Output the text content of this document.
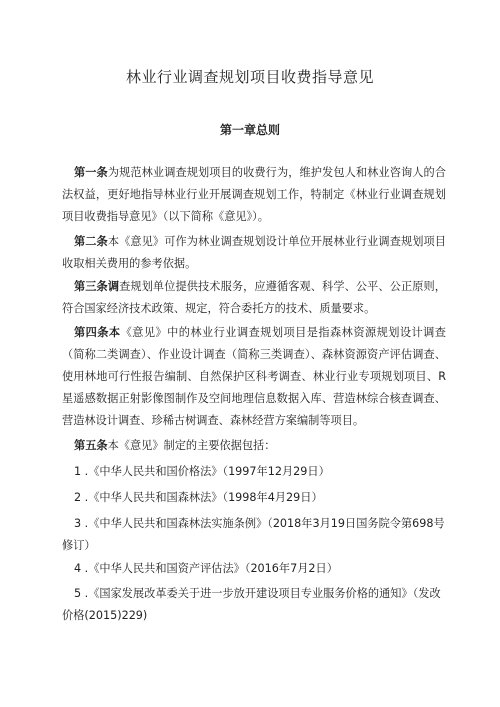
林业行业调查规划项目收费指导意见
第一章总则

第一条为规范林业调查规划项目的收费行为，维护发包人和林业咨询人的合法权益，更好地指导林业行业开展调查规划工作，特制定《林业行业调查规划项目收费指导意见》（以下简称《意见》）。

第二条本《意见》可作为林业调查规划设计单位开展林业行业调查规划项目收取相关费用的参考依据。

第三条调查规划单位提供技术服务，应遵循客观、科学、公平、公正原则，符合国家经济技术政策、规定，符合委托方的技术、质量要求。

第四条本《意见》中的林业行业调查规划项目是指森林资源规划设计调查（简称二类调查）、作业设计调查（简称三类调查）、森林资源资产评估调查、使用林地可行性报告编制、自然保护区科考调查、林业行业专项规划项目、R星遥感数据正射影像图制作及空间地理信息数据入库、营造林综合核查调查、营造林设计调查、珍稀古树调查、森林经营方案编制等项目。

第五条本《意见》制定的主要依据包括：

1 .《中华人民共和国价格法》（1997年12月29日）

2 .《中华人民共和国森林法》（1998年4月29日）

3 .《中华人民共和国森林法实施条例》（2018年3月19日国务院令第698号修订）

4 .《中华人民共和国资产评估法》（2016年7月2日）

5 .《国家发展改革委关于进一步放开建设项目专业服务价格的通知》（发改价格(2015)229)
